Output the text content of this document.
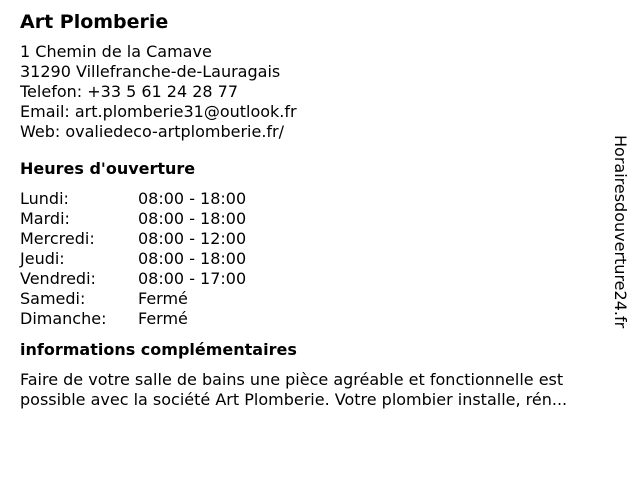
Art Plomberie
1 Chemin de la Camave
31290 Villefranche-de-Lauragais
Telefon: +33 5 61 24 28 77
Email: art.plomberie31@outlook.fr
Web: ovaliedeco-artplomberie.fr/
Heures d'ouverture
Lundi:	08:00 - 18:00
Mardi:	08:00 - 18:00
Mercredi:	08:00 - 12:00
Jeudi:	08:00 - 18:00
Vendredi:	08:00 - 17:00
Samedi:	Fermé
Dimanche:	Fermé
informations complémentaires
Faire de votre salle de bains une pièce agréable et fonctionnelle est
possible avec la société Art Plomberie. Votre plombier installe, rén...
Horairesdouverture24.fr
